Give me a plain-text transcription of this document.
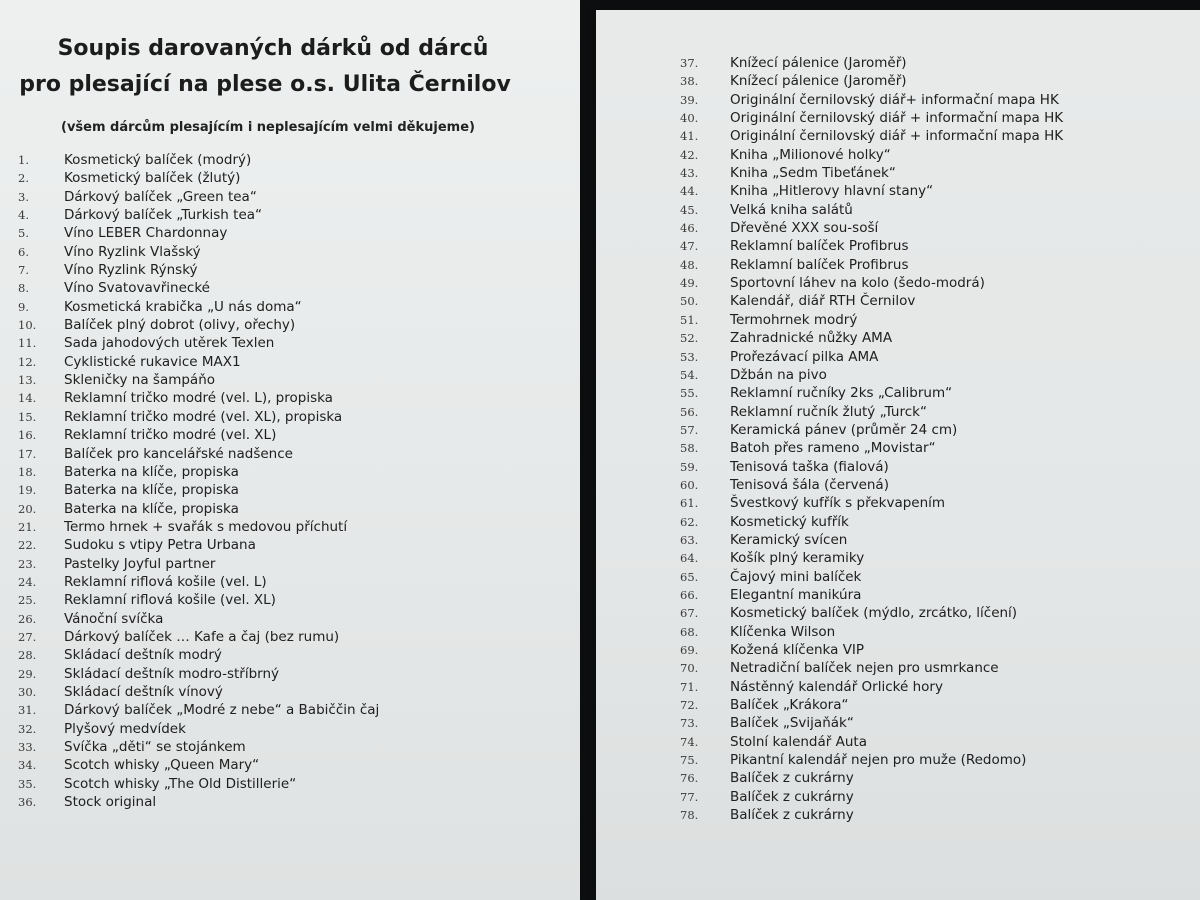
Soupis darovaných dárků od dárců
pro plesající na plese o.s. Ulita Černilov
(všem dárcům plesajícím i neplesajícím velmi děkujeme)
1.	Kosmetický balíček (modrý)
2.	Kosmetický balíček (žlutý)
3.	Dárkový balíček „Green tea“
4.	Dárkový balíček „Turkish tea“
5.	Víno LEBER Chardonnay
6.	Víno Ryzlink Vlašský
7.	Víno Ryzlink Rýnský
8.	Víno Svatovavřinecké
9.	Kosmetická krabička „U nás doma“
10. Balíček plný dobrot (olivy, ořechy)
11. Sada jahodových utěrek Texlen
12. Cyklistické rukavice MAX1
13. Skleničky na šampáňo
14. Reklamní tričko modré (vel. L), propiska
15. Reklamní tričko modré (vel. XL), propiska
16. Reklamní tričko modré (vel. XL)
17. Balíček pro kancelářské nadšence
18. Baterka na klíče, propiska
19. Baterka na klíče, propiska
20. Baterka na klíče, propiska
21. Termo hrnek + svařák s medovou příchutí
22. Sudoku s vtipy Petra Urbana
23. Pastelky Joyful partner
24. Reklamní riflová košile (vel. L)
25. Reklamní riflová košile (vel. XL)
26. Vánoční svíčka
27. Dárkový balíček … Kafe a čaj (bez rumu)
28. Skládací deštník modrý
29. Skládací deštník modro-stříbrný
30. Skládací deštník vínový
31. Dárkový balíček „Modré z nebe“ a Babiččin čaj
32. Plyšový medvídek
33. Svíčka „děti“ se stojánkem
34. Scotch whisky „Queen Mary“
35. Scotch whisky „The Old Distillerie“
36. Stock original
37. Knížecí pálenice (Jaroměř)
38. Knížecí pálenice (Jaroměř)
39. Originální černilovský diář+ informační mapa HK
40. Originální černilovský diář + informační mapa HK
41. Originální černilovský diář + informační mapa HK
42. Kniha „Milionové holky“
43. Kniha „Sedm Tibeťánek“
44. Kniha „Hitlerovy hlavní stany“
45. Velká kniha salátů
46. Dřevěné XXX sou-soší
47. Reklamní balíček Profibrus
48. Reklamní balíček Profibrus
49. Sportovní láhev na kolo (šedo-modrá)
50. Kalendář, diář RTH Černilov
51. Termohrnek modrý
52. Zahradnické nůžky AMA
53. Prořezávací pilka AMA
54. Džbán na pivo
55. Reklamní ručníky 2ks „Calibrum“
56. Reklamní ručník žlutý „Turck“
57. Keramická pánev (průměr 24 cm)
58. Batoh přes rameno „Movistar“
59. Tenisová taška (fialová)
60. Tenisová šála (červená)
61. Švestkový kufřík s překvapením
62. Kosmetický kufřík
63. Keramický svícen
64. Košík plný keramiky
65. Čajový mini balíček
66. Elegantní manikúra
67. Kosmetický balíček (mýdlo, zrcátko, líčení)
68. Klíčenka Wilson
69. Kožená klíčenka VIP
70. Netradiční balíček nejen pro usmrkance
71. Nástěnný kalendář Orlické hory
72. Balíček „Krákora“
73. Balíček „Svijaňák“
74. Stolní kalendář Auta
75. Pikantní kalendář nejen pro muže (Redomo)
76. Balíček z cukrárny
77. Balíček z cukrárny
78. Balíček z cukrárny
